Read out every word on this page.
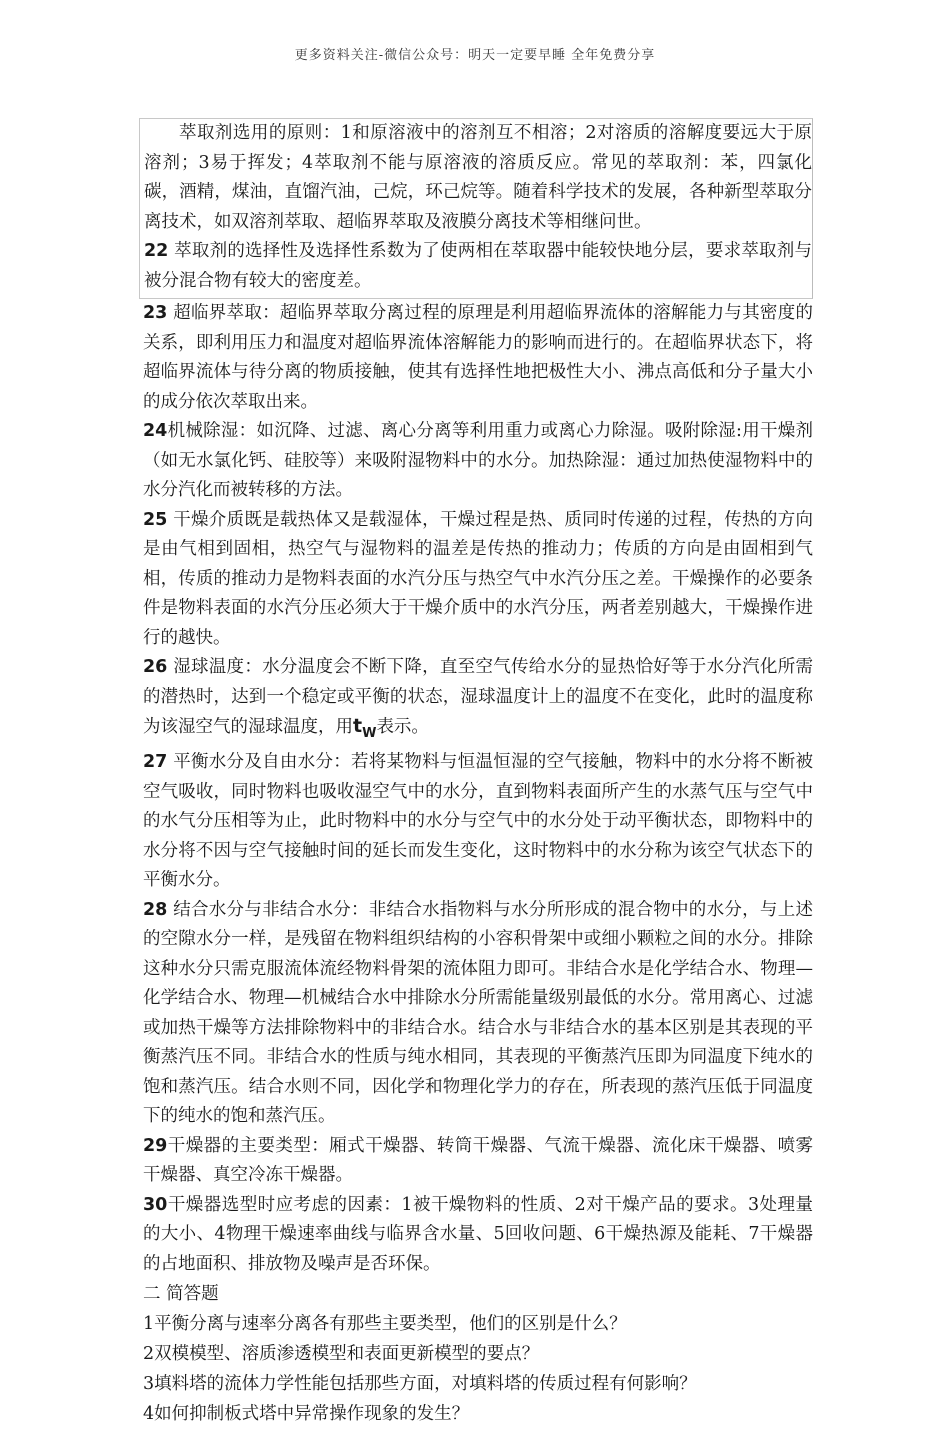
更多资料关注-微信公众号：明天一定要早睡 全年免费分享

萃取剂选用的原则：1和原溶液中的溶剂互不相溶；2对溶质的溶解度要远大于原溶剂；3易于挥发；4萃取剂不能与原溶液的溶质反应。常见的萃取剂：苯，四氯化碳，酒精，煤油，直馏汽油，己烷，环己烷等。随着科学技术的发展，各种新型萃取分离技术，如双溶剂萃取、超临界萃取及液膜分离技术等相继问世。

22 萃取剂的选择性及选择性系数为了使两相在萃取器中能较快地分层，要求萃取剂与被分混合物有较大的密度差。

23 超临界萃取：超临界萃取分离过程的原理是利用超临界流体的溶解能力与其密度的关系，即利用压力和温度对超临界流体溶解能力的影响而进行的。在超临界状态下，将超临界流体与待分离的物质接触，使其有选择性地把极性大小、沸点高低和分子量大小的成分依次萃取出来。

24机械除湿：如沉降、过滤、离心分离等利用重力或离心力除湿。吸附除湿:用干燥剂（如无水氯化钙、硅胶等）来吸附湿物料中的水分。加热除湿：通过加热使湿物料中的水分汽化而被转移的方法。

25 干燥介质既是载热体又是载湿体，干燥过程是热、质同时传递的过程，传热的方向是由气相到固相，热空气与湿物料的温差是传热的推动力；传质的方向是由固相到气相，传质的推动力是物料表面的水汽分压与热空气中水汽分压之差。干燥操作的必要条件是物料表面的水汽分压必须大于干燥介质中的水汽分压，两者差别越大，干燥操作进行的越快。

26 湿球温度：水分温度会不断下降，直至空气传给水分的显热恰好等于水分汽化所需的潜热时，达到一个稳定或平衡的状态，湿球温度计上的温度不在变化，此时的温度称为该湿空气的湿球温度，用$t_W$表示。

27 平衡水分及自由水分：若将某物料与恒温恒湿的空气接触，物料中的水分将不断被空气吸收，同时物料也吸收湿空气中的水分，直到物料表面所产生的水蒸气压与空气中的水气分压相等为止，此时物料中的水分与空气中的水分处于动平衡状态，即物料中的水分将不因与空气接触时间的延长而发生变化，这时物料中的水分称为该空气状态下的平衡水分。

28 结合水分与非结合水分：非结合水指物料与水分所形成的混合物中的水分，与上述的空隙水分一样，是残留在物料组织结构的小容积骨架中或细小颗粒之间的水分。排除这种水分只需克服流体流经物料骨架的流体阻力即可。非结合水是化学结合水、物理—化学结合水、物理—机械结合水中排除水分所需能量级别最低的水分。常用离心、过滤或加热干燥等方法排除物料中的非结合水。结合水与非结合水的基本区别是其表现的平衡蒸汽压不同。非结合水的性质与纯水相同，其表现的平衡蒸汽压即为同温度下纯水的饱和蒸汽压。结合水则不同，因化学和物理化学力的存在，所表现的蒸汽压低于同温度下的纯水的饱和蒸汽压。

29干燥器的主要类型：厢式干燥器、转筒干燥器、气流干燥器、流化床干燥器、喷雾干燥器、真空冷冻干燥器。

30干燥器选型时应考虑的因素：1被干燥物料的性质、2对干燥产品的要求。3处理量的大小、4物理干燥速率曲线与临界含水量、5回收问题、6干燥热源及能耗、7干燥器的占地面积、排放物及噪声是否环保。

二 简答题

1平衡分离与速率分离各有那些主要类型，他们的区别是什么？

2双模模型、溶质渗透模型和表面更新模型的要点？

3填料塔的流体力学性能包括那些方面，对填料塔的传质过程有何影响？

4如何抑制板式塔中异常操作现象的发生？
